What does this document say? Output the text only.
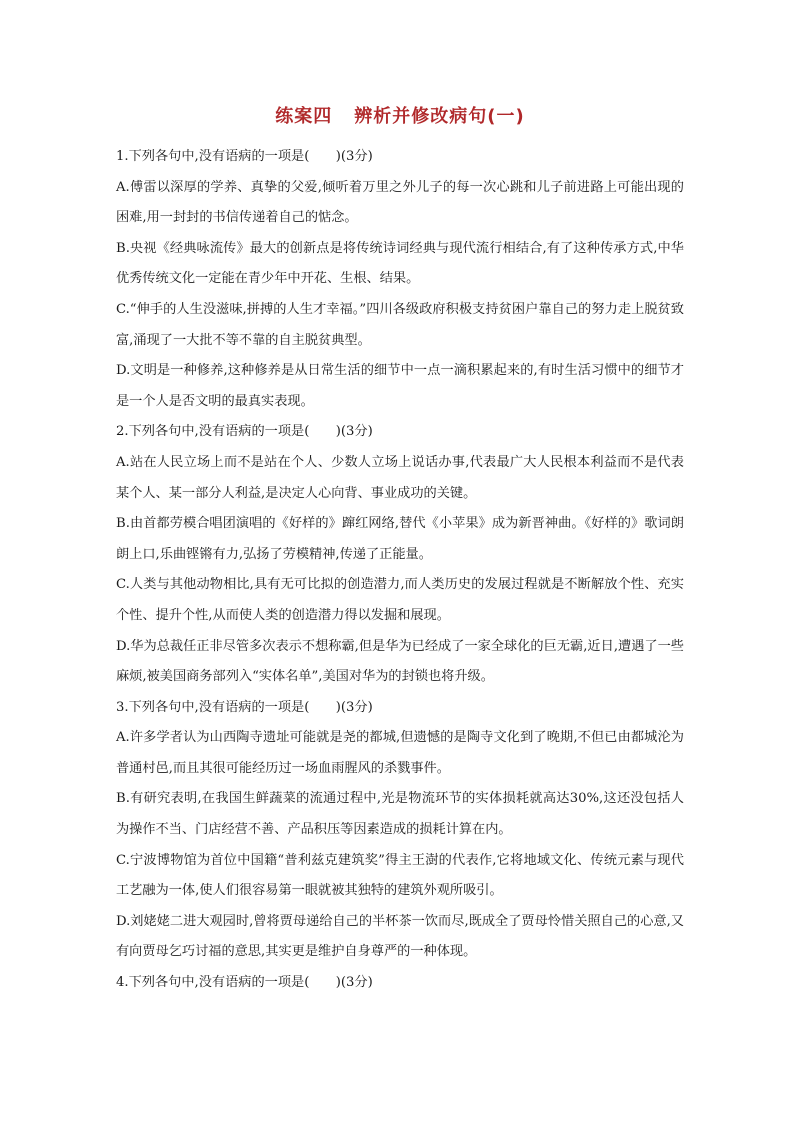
练案四 辨析并修改病句(一)

1.下列各句中,没有语病的一项是(　　)(3分)

A.傅雷以深厚的学养、真挚的父爱,倾听着万里之外儿子的每一次心跳和儿子前进路上可能出现的困难,用一封封的书信传递着自己的惦念。

B.央视《经典咏流传》最大的创新点是将传统诗词经典与现代流行相结合,有了这种传承方式,中华优秀传统文化一定能在青少年中开花、生根、结果。

C.“伸手的人生没滋味,拼搏的人生才幸福。”四川各级政府积极支持贫困户靠自己的努力走上脱贫致富,涌现了一大批不等不靠的自主脱贫典型。

D.文明是一种修养,这种修养是从日常生活的细节中一点一滴积累起来的,有时生活习惯中的细节才是一个人是否文明的最真实表现。

2.下列各句中,没有语病的一项是(　　)(3分)

A.站在人民立场上而不是站在个人、少数人立场上说话办事,代表最广大人民根本利益而不是代表某个人、某一部分人利益,是决定人心向背、事业成功的关键。

B.由首都劳模合唱团演唱的《好样的》蹿红网络,替代《小苹果》成为新晋神曲。《好样的》歌词朗朗上口,乐曲铿锵有力,弘扬了劳模精神,传递了正能量。

C.人类与其他动物相比,具有无可比拟的创造潜力,而人类历史的发展过程就是不断解放个性、充实个性、提升个性,从而使人类的创造潜力得以发掘和展现。

D.华为总裁任正非尽管多次表示不想称霸,但是华为已经成了一家全球化的巨无霸,近日,遭遇了一些麻烦,被美国商务部列入“实体名单”,美国对华为的封锁也将升级。

3.下列各句中,没有语病的一项是(　　)(3分)

A.许多学者认为山西陶寺遗址可能就是尧的都城,但遗憾的是陶寺文化到了晚期,不但已由都城沦为普通村邑,而且其很可能经历过一场血雨腥风的杀戮事件。

B.有研究表明,在我国生鲜蔬菜的流通过程中,光是物流环节的实体损耗就高达30%,这还没包括人为操作不当、门店经营不善、产品积压等因素造成的损耗计算在内。

C.宁波博物馆为首位中国籍“普利兹克建筑奖”得主王澍的代表作,它将地域文化、传统元素与现代工艺融为一体,使人们很容易第一眼就被其独特的建筑外观所吸引。

D.刘姥姥二进大观园时,曾将贾母递给自己的半杯茶一饮而尽,既成全了贾母怜惜关照自己的心意,又有向贾母乞巧讨福的意思,其实更是维护自身尊严的一种体现。

4.下列各句中,没有语病的一项是(　　)(3分)
